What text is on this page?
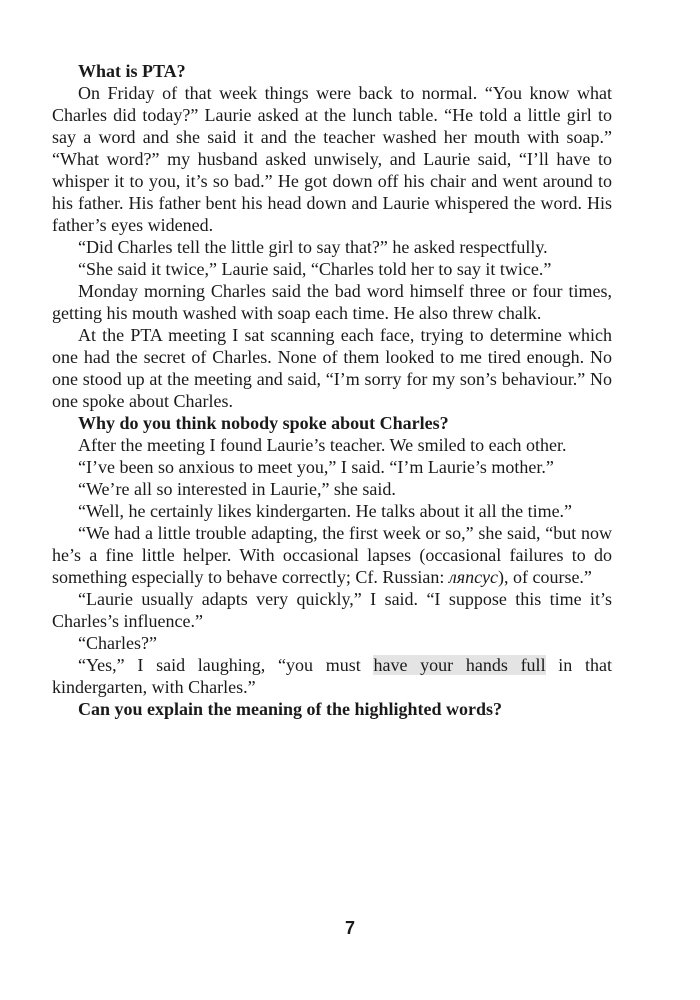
What is PTA?

On Friday of that week things were back to normal. “You know what Charles did today?” Laurie asked at the lunch table. “He told a little girl to say a word and she said it and the teacher washed her mouth with soap.” “What word?” my husband asked unwisely, and Laurie said, “I’ll have to whisper it to you, it’s so bad.” He got down off his chair and went around to his father. His father bent his head down and Laurie whispered the word. His father’s eyes widened.

“Did Charles tell the little girl to say that?” he asked respectfully.

“She said it twice,” Laurie said, “Charles told her to say it twice.”

Monday morning Charles said the bad word himself three or four times, getting his mouth washed with soap each time. He also threw chalk.

At the PTA meeting I sat scanning each face, trying to determine which one had the secret of Charles. None of them looked to me tired enough. No one stood up at the meeting and said, “I’m sorry for my son’s behaviour.” No one spoke about Charles.

Why do you think nobody spoke about Charles?

After the meeting I found Laurie’s teacher. We smiled to each other.

“I’ve been so anxious to meet you,” I said. “I’m Laurie’s mother.”

“We’re all so interested in Laurie,” she said.

“Well, he certainly likes kindergarten. He talks about it all the time.”

“We had a little trouble adapting, the first week or so,” she said, “but now he’s a fine little helper. With occasional lapses (occasional failures to do something especially to behave correctly; Cf. Russian: ляпсус), of course.”

“Laurie usually adapts very quickly,” I said. “I suppose this time it’s Charles’s influence.”

“Charles?”

“Yes,” I said laughing, “you must have your hands full in that kindergarten, with Charles.”

Can you explain the meaning of the highlighted words?

7
